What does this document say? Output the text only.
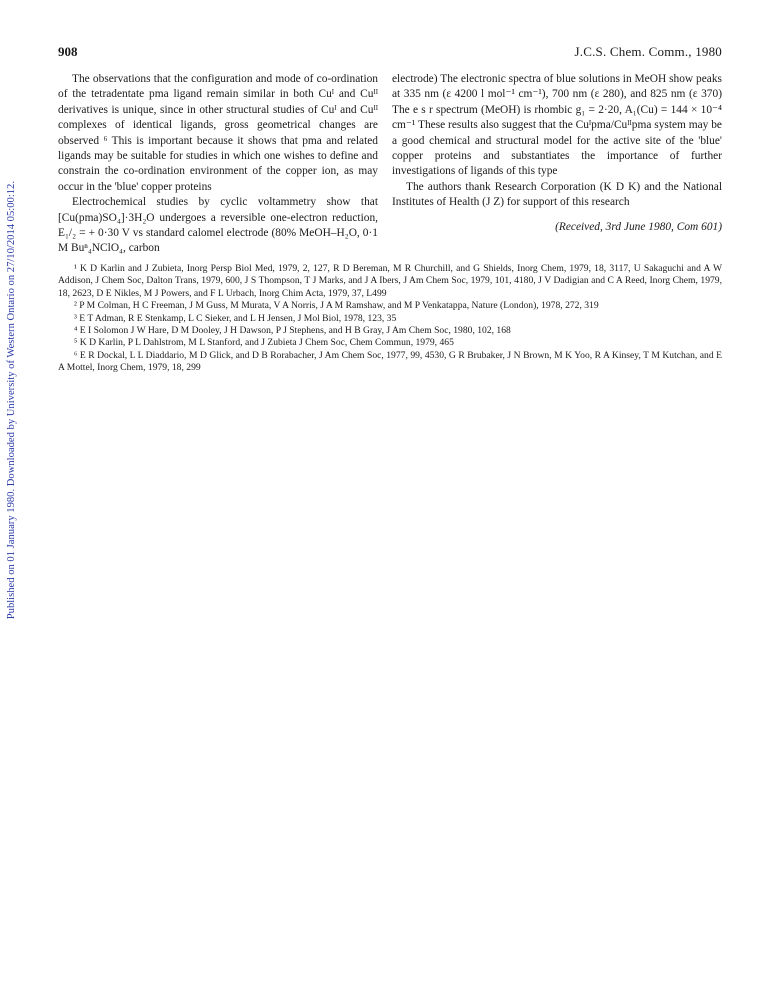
Published on 01 January 1980. Downloaded by University of Western Ontario on 27/10/2014 05:00:12.
908	J.C.S. Chem. Comm., 1980

The observations that the configuration and mode of co-ordination of the tetradentate pma ligand remain similar in both Cuᴵ and Cuᴵᴵ derivatives is unique, since in other structural studies of Cuᴵ and Cuᴵᴵ complexes of identical ligands, gross geometrical changes are observed ⁶ This is important because it shows that pma and related ligands may be suitable for studies in which one wishes to define and constrain the co-ordination environment of the copper ion, as may occur in the 'blue' copper proteins

Electrochemical studies by cyclic voltammetry show that [Cu(pma)SO₄]·3H₂O undergoes a reversible one-electron reduction, E₁/₂ = + 0·30 V vs standard calomel electrode (80% MeOH–H₂O, 0·1 M Buⁿ₄NClO₄, carbon

electrode) The electronic spectra of blue solutions in MeOH show peaks at 335 nm (ε 4200 l mol⁻¹ cm⁻¹), 700 nm (ε 280), and 825 nm (ε 370) The e s r spectrum (MeOH) is rhombic g₁ = 2·20, A₁(Cu) = 144 × 10⁻⁴ cm⁻¹ These results also suggest that the Cuᴵpma/Cuᴵᴵpma system may be a good chemical and structural model for the active site of the 'blue' copper proteins and substantiates the importance of further investigations of ligands of this type

The authors thank Research Corporation (K D K) and the National Institutes of Health (J Z) for support of this research

(Received, 3rd June 1980, Com 601)

¹ K D Karlin and J Zubieta, Inorg Persp Biol Med, 1979, 2, 127, R D Bereman, M R Churchill, and G Shields, Inorg Chem, 1979, 18, 3117, U Sakaguchi and A W Addison, J Chem Soc, Dalton Trans, 1979, 600, J S Thompson, T J Marks, and J A Ibers, J Am Chem Soc, 1979, 101, 4180, J V Dadigian and C A Reed, Inorg Chem, 1979, 18, 2623, D E Nikles, M J Powers, and F L Urbach, Inorg Chim Acta, 1979, 37, L499

² P M Colman, H C Freeman, J M Guss, M Murata, V A Norris, J A M Ramshaw, and M P Venkatappa, Nature (London), 1978, 272, 319

³ E T Adman, R E Stenkamp, L C Sieker, and L H Jensen, J Mol Biol, 1978, 123, 35

⁴ E I Solomon J W Hare, D M Dooley, J H Dawson, P J Stephens, and H B Gray, J Am Chem Soc, 1980, 102, 168

⁵ K D Karlin, P L Dahlstrom, M L Stanford, and J Zubieta J Chem Soc, Chem Commun, 1979, 465

⁶ E R Dockal, L L Diaddario, M D Glick, and D B Rorabacher, J Am Chem Soc, 1977, 99, 4530, G R Brubaker, J N Brown, M K Yoo, R A Kinsey, T M Kutchan, and E A Mottel, Inorg Chem, 1979, 18, 299
